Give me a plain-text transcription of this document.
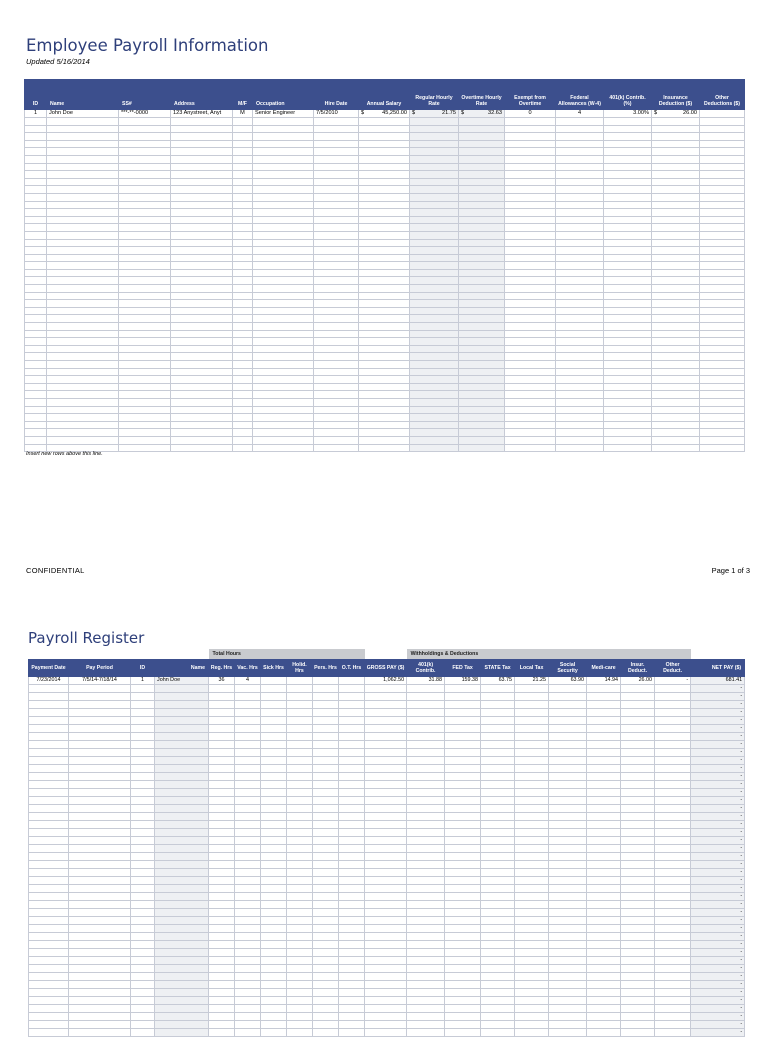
Employee Payroll Information
Updated 5/16/2014
ID	Name	SS#	Address	M/F	Occupation	Hire Date	Annual Salary	Regular Hourly Rate	Overtime Hourly Rate	Exempt from Overtime	Federal Allowances (W-4)	401(k) Contrib. (%)	Insurance Deduction ($)	Other Deductions ($)
1	John Doe	***-**-0000	123 Anystreet, Anyt	M	Senior Engineer	7/5/2010	$ 45,250.00	$ 21.75	$ 32.63	0	4	3.00%	$ 26.00	

Insert new rows above this line.
CONFIDENTIAL	Page 1 of 3
Payroll Register
				Total Hours							Withholdings & Deductions								
Payment Date	Pay Period	ID	Name	Reg. Hrs	Vac. Hrs	Sick Hrs	Holid. Hrs	Pers. Hrs	O.T. Hrs	GROSS PAY ($)	401(k) Contrib.	FED Tax	STATE Tax	Local Tax	Social Security	Medi-care	Insur. Deduct.	Other Deduct.	NET PAY ($)
7/23/2014	7/5/14-7/18/14	1	John Doe	36	4					1,062.50	31.88	159.38	63.75	21.25	63.90	14.94	26.00	-	681.41
																			-
																			-
																			-
																			-
																			-
																			-
																			-
																			-
																			-
																			-
																			-
																			-
																			-
																			-
																			-
																			-
																			-
																			-
																			-
																			-
																			-
																			-
																			-
																			-
																			-
																			-
																			-
																			-
																			-
																			-
																			-
																			-
																			-
																			-
																			-
																			-
																			-
																			-
																			-
																			-
																			-
																			-
																			-
																			-
